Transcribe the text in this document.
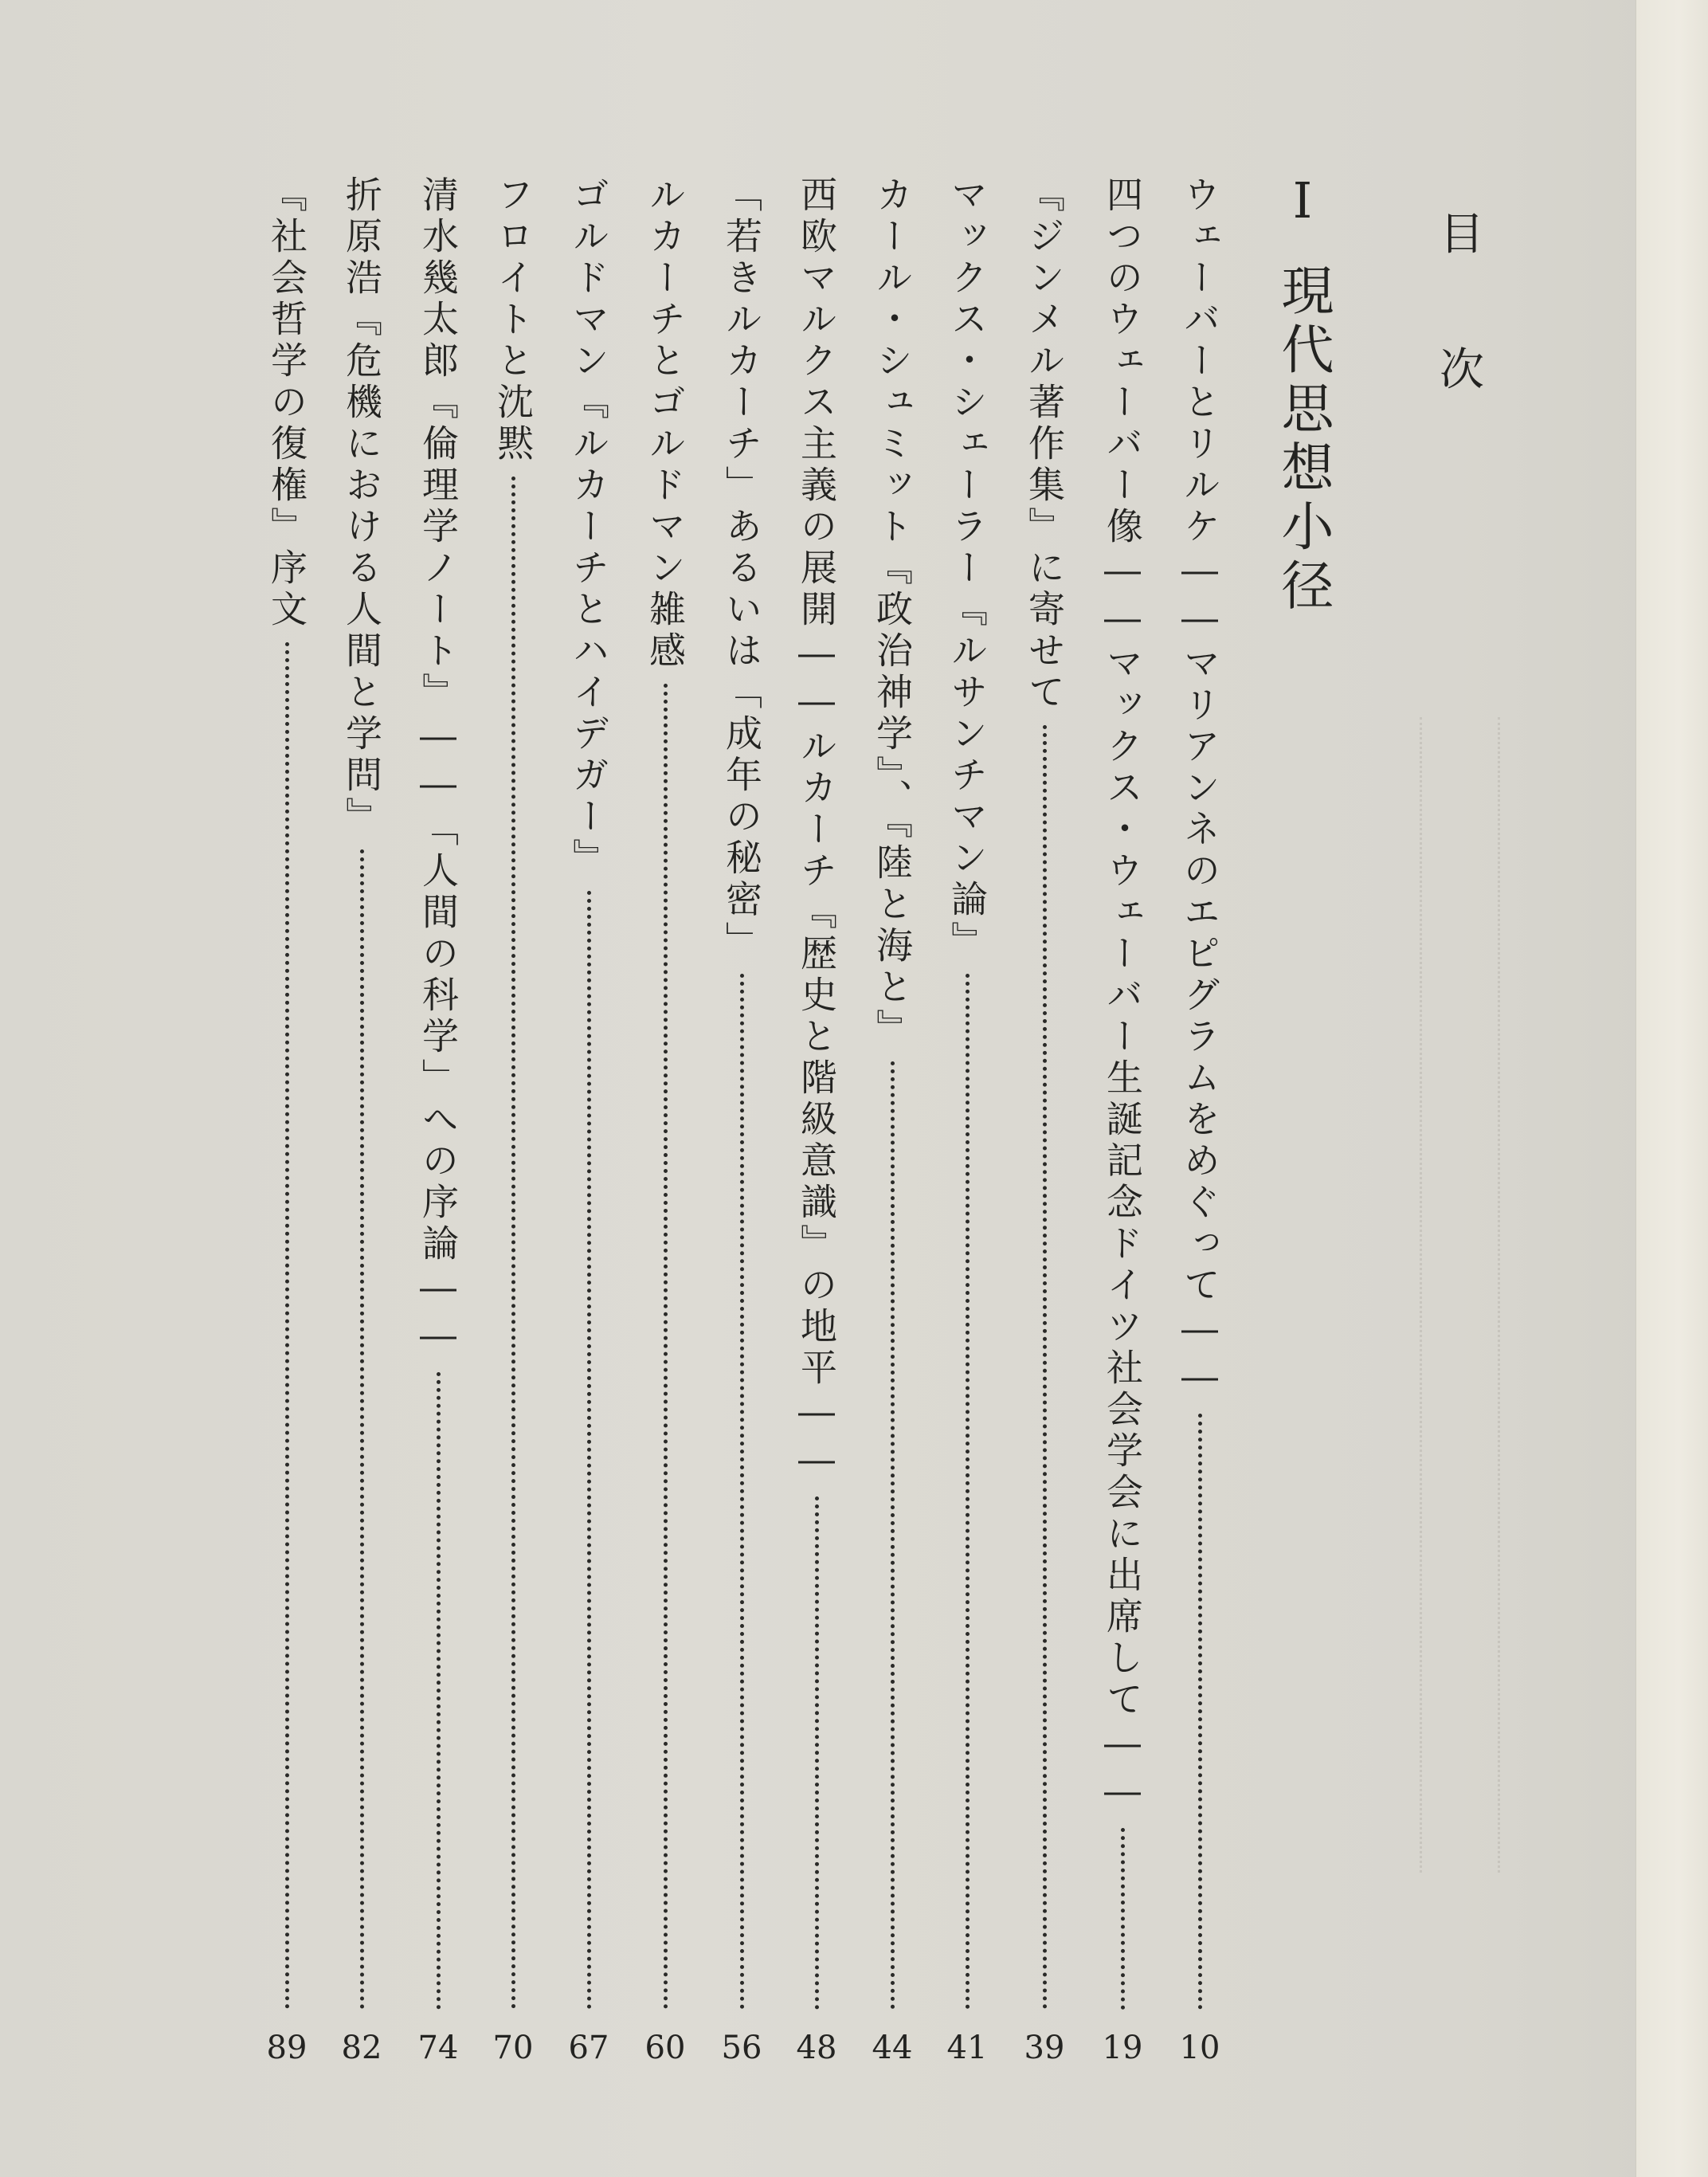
目
次
I
現代思想小径
ウェーバーとリルケ――マリアンネのエピグラムをめぐって――
10
四つのウェーバー像――マックス・ウェーバー生誕記念ドイツ社会学会に出席して――
19
『ジンメル著作集』に寄せて
39
マックス・シェーラー『ルサンチマン論』
41
カール・シュミット『政治神学』、『陸と海と』
44
西欧マルクス主義の展開――ルカーチ『歴史と階級意識』の地平――
48
「若きルカーチ」あるいは「成年の秘密」
56
ルカーチとゴルドマン雑感
60
ゴルドマン『ルカーチとハイデガー』
67
フロイトと沈黙
70
清水幾太郎『倫理学ノート』――「人間の科学」への序論――
74
折原浩『危機における人間と学問』
82
『社会哲学の復権』序文
89
